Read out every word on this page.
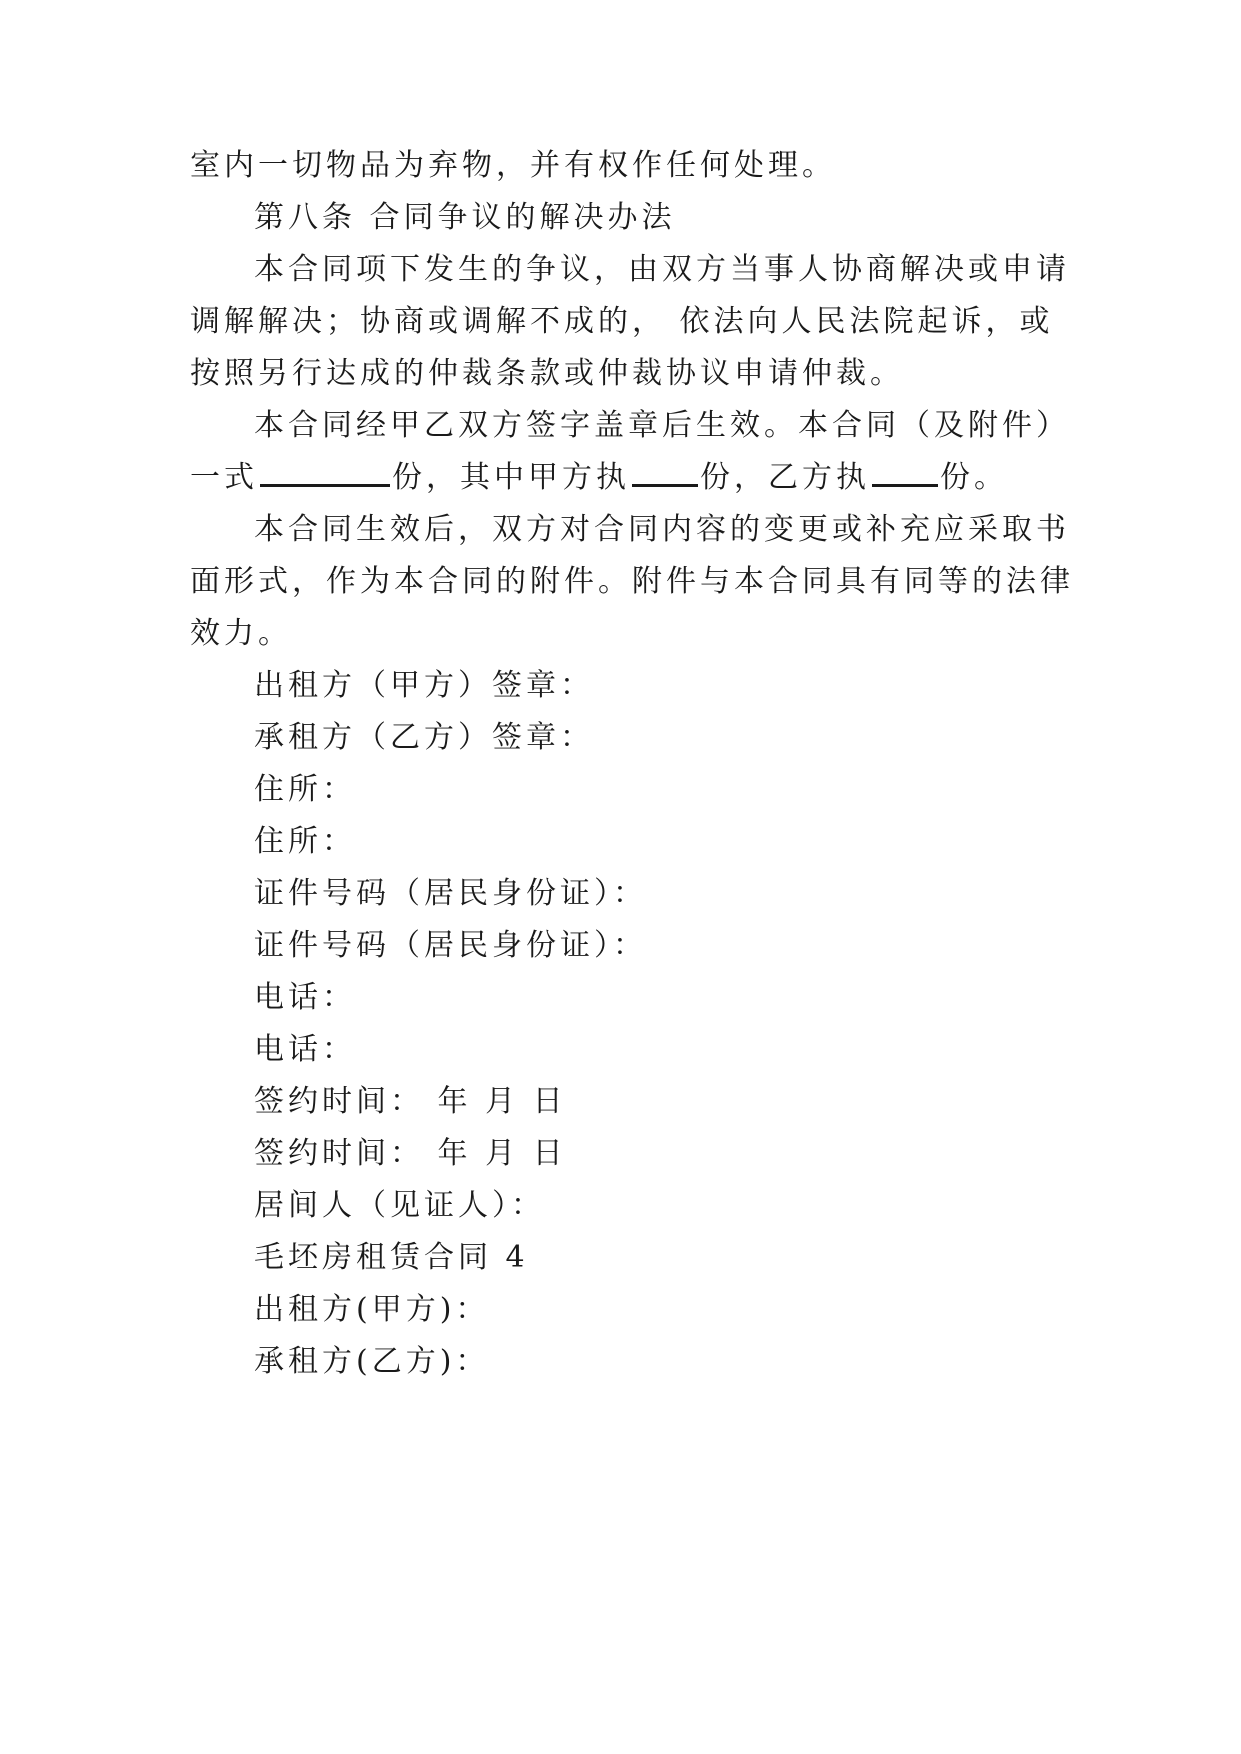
室内一切物品为弃物，并有权作任何处理。
第八条 合同争议的解决办法
本合同项下发生的争议，由双方当事人协商解决或申请
调解解决；协商或调解不成的， 依法向人民法院起诉，或
按照另行达成的仲裁条款或仲裁协议申请仲裁。
本合同经甲乙双方签字盖章后生效。本合同（及附件）
一式	份，其中甲方执 份，乙方执 份。
本合同生效后，双方对合同内容的变更或补充应采取书
面形式，作为本合同的附件。附件与本合同具有同等的法律
效力。
出租方（甲方）签章：
承租方（乙方）签章：
住所：
住所：
证件号码（居民身份证）：
证件号码（居民身份证）：
电话：
电话：
签约时间： 年 月 日
签约时间： 年 月 日
居间人（见证人）：
毛坯房租赁合同 4
出租方(甲方)：
承租方(乙方)：
